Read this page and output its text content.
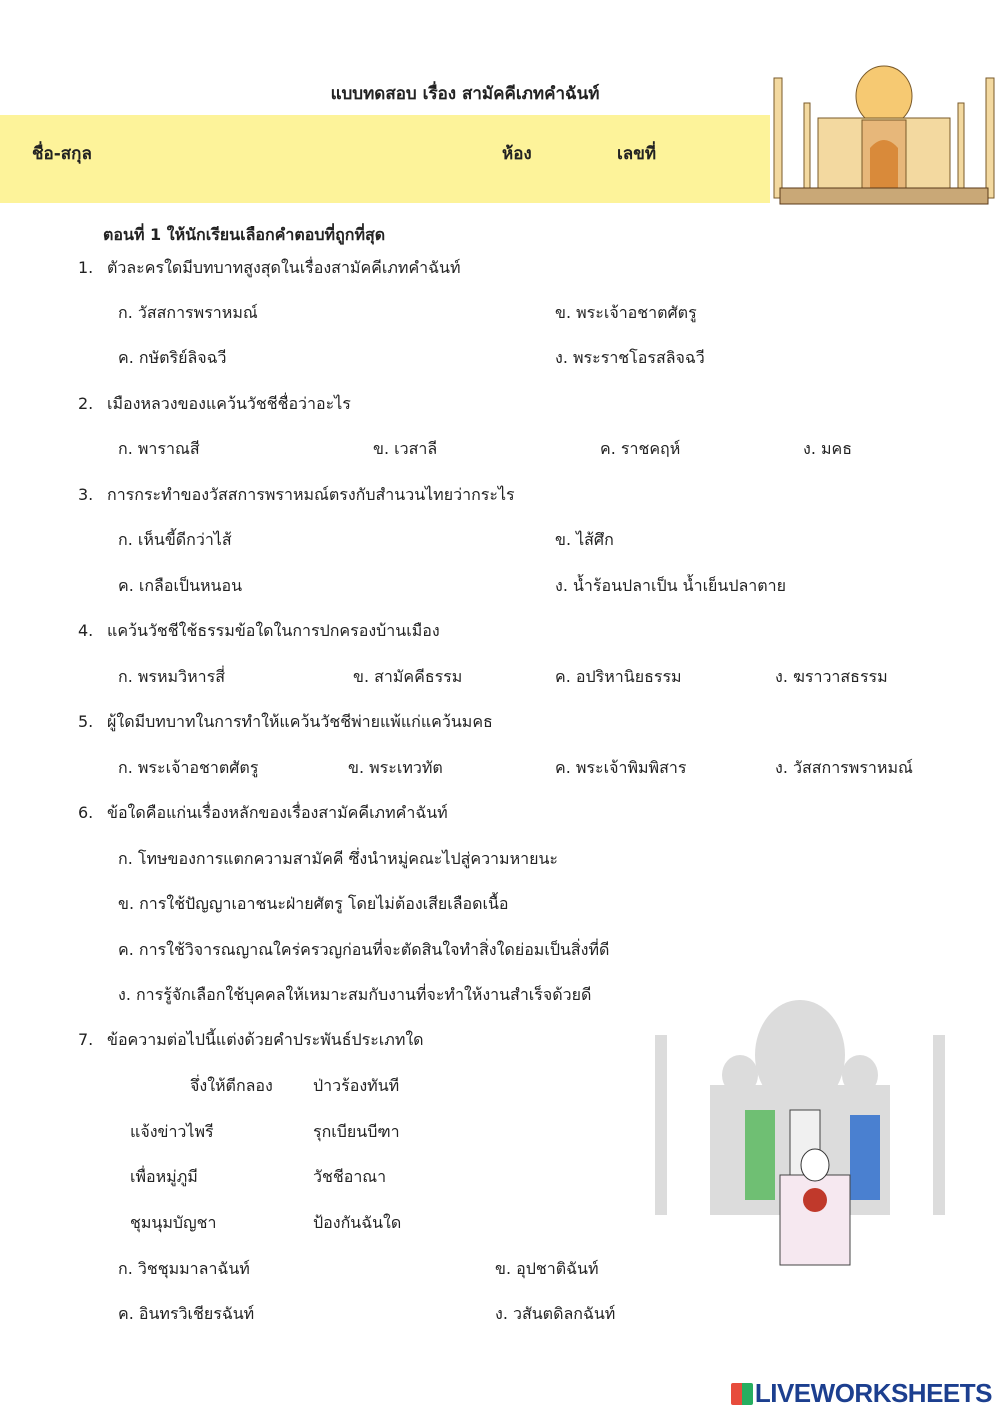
แบบทดสอบ เรื่อง สามัคคีเภทคำฉันท์
ชื่อ-สกุล	ห้อง	เลขที่
ตอนที่ 1 ให้นักเรียนเลือกคำตอบที่ถูกที่สุด
1. ตัวละครใดมีบทบาทสูงสุดในเรื่องสามัคคีเภทคำฉันท์
ก. วัสสการพราหมณ์	ข. พระเจ้าอชาตศัตรู
ค. กษัตริย์ลิจฉวี	ง. พระราชโอรสลิจฉวี
2. เมืองหลวงของแคว้นวัชชีชื่อว่าอะไร
ก. พาราณสี	ข. เวสาลี	ค. ราชคฤห์	ง. มคธ
3. การกระทำของวัสสการพราหมณ์ตรงกับสำนวนไทยว่ากระไร
ก. เห็นขี้ดีกว่าไส้	ข. ไส้ศึก
ค. เกลือเป็นหนอน	ง. น้ำร้อนปลาเป็น น้ำเย็นปลาตาย
4. แคว้นวัชชีใช้ธรรมข้อใดในการปกครองบ้านเมือง
ก. พรหมวิหารสี่	ข. สามัคคีธรรม	ค. อปริหานิยธรรม	ง. ฆราวาสธรรม
5. ผู้ใดมีบทบาทในการทำให้แคว้นวัชชีพ่ายแพ้แก่แคว้นมคธ
ก. พระเจ้าอชาตศัตรู	ข. พระเทวทัต	ค. พระเจ้าพิมพิสาร	ง. วัสสการพราหมณ์
6. ข้อใดคือแก่นเรื่องหลักของเรื่องสามัคคีเภทคำฉันท์
ก. โทษของการแตกความสามัคคี ซึ่งนำหมู่คณะไปสู่ความหายนะ
ข. การใช้ปัญญาเอาชนะฝ่ายศัตรู โดยไม่ต้องเสียเลือดเนื้อ
ค. การใช้วิจารณญาณใคร่ครวญก่อนที่จะตัดสินใจทำสิ่งใดย่อมเป็นสิ่งที่ดี
ง. การรู้จักเลือกใช้บุคคลให้เหมาะสมกับงานที่จะทำให้งานสำเร็จด้วยดี
7. ข้อความต่อไปนี้แต่งด้วยคำประพันธ์ประเภทใด
ก. วิชชุมมาลาฉันท์	ข. อุปชาติฉันท์
ค. อินทรวิเชียรฉันท์	ง. วสันตดิลกฉันท์
จึ่งให้ตีกลอง	ป่าวร้องทันที
แจ้งข่าวไพรี	รุกเบียนบีฑา
เพื่อหมู่ภูมี	วัชชีอาณา
ชุมนุมบัญชา	ป้องกันฉันใด
LIVEWORKSHEETS
